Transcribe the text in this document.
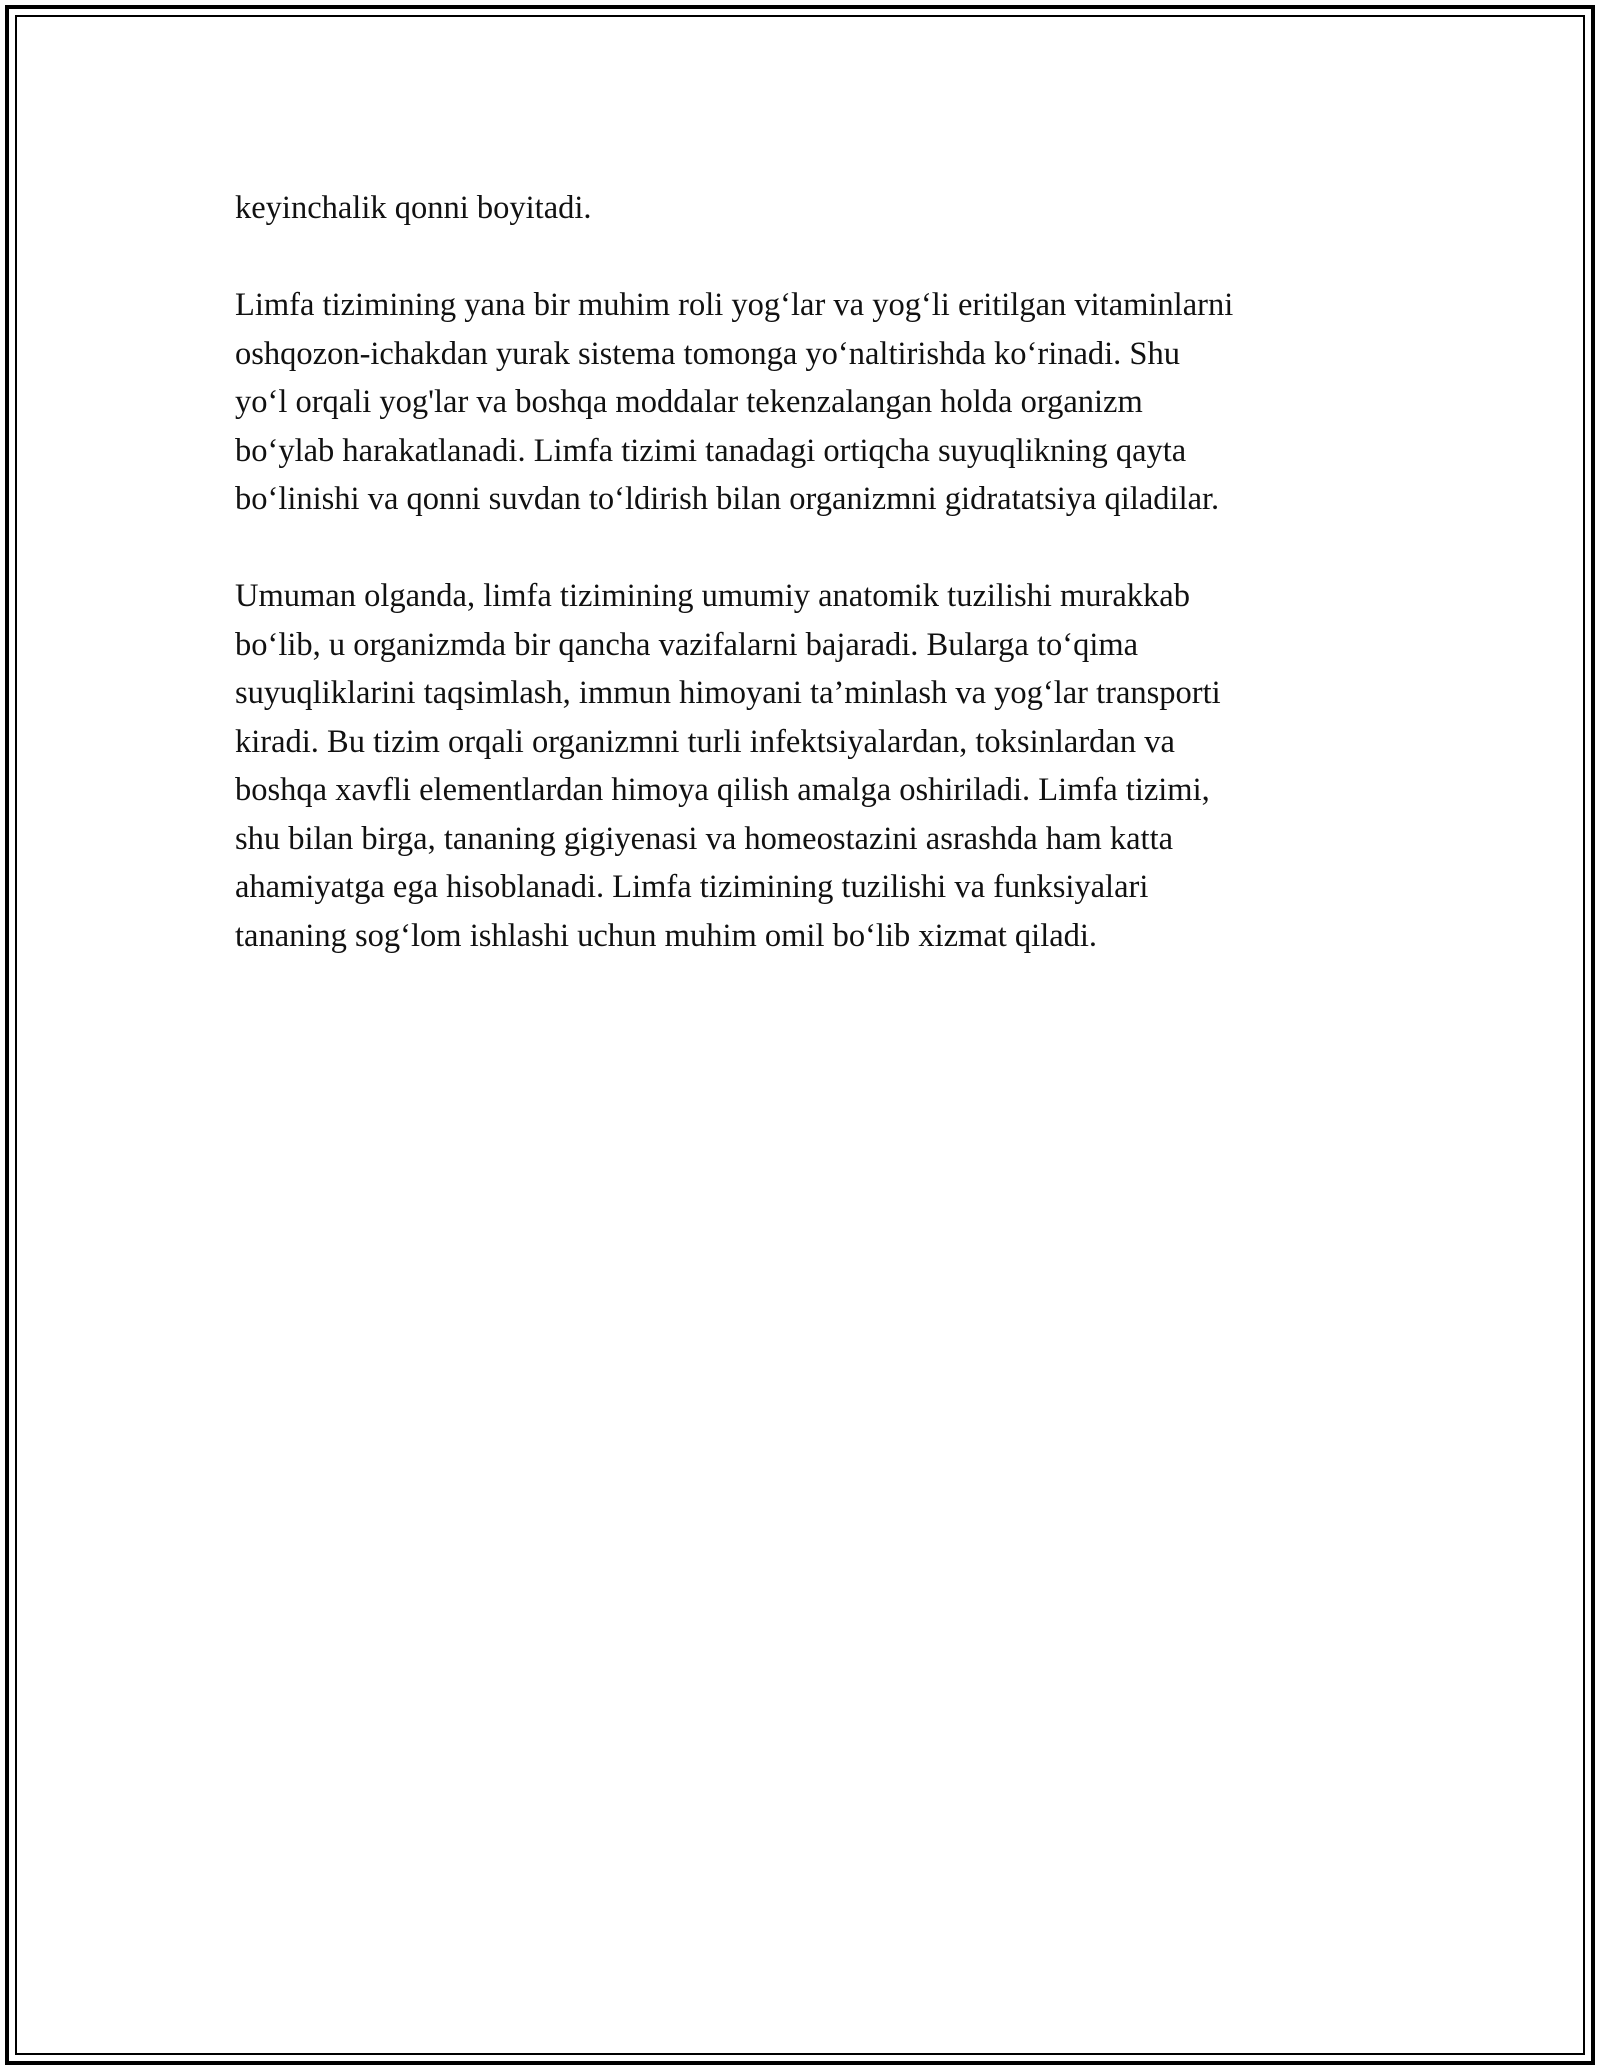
keyinchalik qonni boyitadi.
Limfa tizimining yana bir muhim roli yog‘lar va yog‘li eritilgan vitaminlarni
oshqozon-ichakdan yurak sistema tomonga yo‘naltirishda ko‘rinadi. Shu
yo‘l orqali yog'lar va boshqa moddalar tekenzalangan holda organizm
bo‘ylab harakatlanadi. Limfa tizimi tanadagi ortiqcha suyuqlikning qayta
bo‘linishi va qonni suvdan to‘ldirish bilan organizmni gidratatsiya qiladilar.
Umuman olganda, limfa tizimining umumiy anatomik tuzilishi murakkab
bo‘lib, u organizmda bir qancha vazifalarni bajaradi. Bularga to‘qima
suyuqliklarini taqsimlash, immun himoyani ta’minlash va yog‘lar transporti
kiradi. Bu tizim orqali organizmni turli infektsiyalardan, toksinlardan va
boshqa xavfli elementlardan himoya qilish amalga oshiriladi. Limfa tizimi,
shu bilan birga, tananing gigiyenasi va homeostazini asrashda ham katta
ahamiyatga ega hisoblanadi. Limfa tizimining tuzilishi va funksiyalari
tananing sog‘lom ishlashi uchun muhim omil bo‘lib xizmat qiladi.
